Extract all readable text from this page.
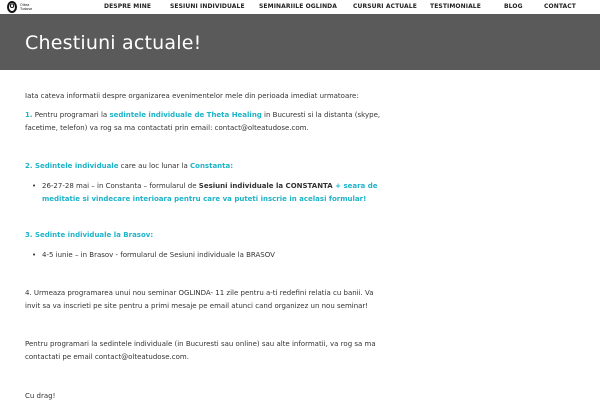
O	Oltea Tudose	DESPRE MINE	SESIUNI INDIVIDUALE SEMINARIILE OGLINDA	CURSURI ACTUALE TESTIMONIALE	BLOG	CONTACT
Chestiuni actuale!

Iata cateva informatii despre organizarea evenimentelor mele din perioada imediat urmatoare:

1. Pentru programari la sedintele individuale de Theta Healing in Bucuresti si la distanta (skype, facetime, telefon) va rog sa ma contactati prin email: contact@olteatudose.com.

2. Sedintele individuale care au loc lunar la Constanta:

• 26-27-28 mai – in Constanta – formularul de Sesiuni individuale la CONSTANTA + seara de meditatie si vindecare interioara pentru care va puteti inscrie in acelasi formular!

3. Sedinte individuale la Brasov:

• 4-5 iunie – in Brasov - formularul de Sesiuni individuale la BRASOV

4. Urmeaza programarea unui nou seminar OGLINDA- 11 zile pentru a-ti redefini relatia cu banii. Va invit sa va inscrieti pe site pentru a primi mesaje pe email atunci cand organizez un nou seminar!

Pentru programari la sedintele individuale (in Bucuresti sau online) sau alte informatii, va rog sa ma contactati pe email contact@olteatudose.com.

Cu drag!
